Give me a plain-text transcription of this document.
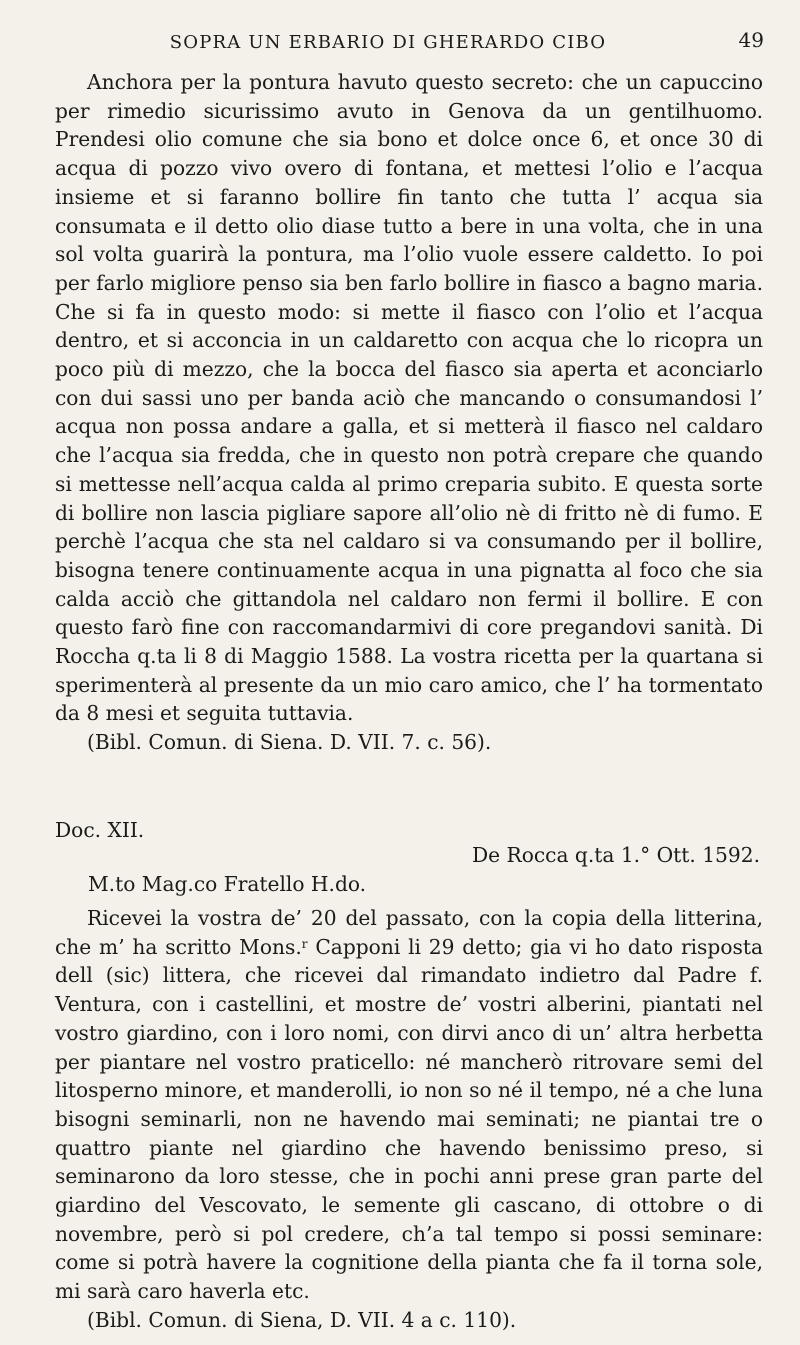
SOPRA UN ERBARIO DI GHERARDO CIBO	49

Anchora per la pontura havuto questo secreto: che un capuccino per rimedio sicurissimo avuto in Genova da un gentilhuomo. Prendesi olio comune che sia bono et dolce once 6, et once 30 di acqua di pozzo vivo overo di fontana, et mettesi l’olio e l’acqua insieme et si faranno bollire fin tanto che tutta l’ acqua sia consumata e il detto olio diase tutto a bere in una volta, che in una sol volta guarirà la pontura, ma l’olio vuole essere caldetto. Io poi per farlo migliore penso sia ben farlo bollire in fiasco a bagno maria. Che si fa in questo modo: si mette il fiasco con l’olio et l’acqua dentro, et si acconcia in un caldaretto con acqua che lo ricopra un poco più di mezzo, che la bocca del fiasco sia aperta et aconciarlo con dui sassi uno per banda aciò che mancando o consumandosi l’ acqua non possa andare a galla, et si metterà il fiasco nel caldaro che l’acqua sia fredda, che in questo non potrà crepare che quando si mettesse nell’acqua calda al primo creparia subito. E questa sorte di bollire non lascia pigliare sapore all’olio nè di fritto nè di fumo. E perchè l’acqua che sta nel caldaro si va consumando per il bollire, bisogna tenere continuamente acqua in una pignatta al foco che sia calda acciò che gittandola nel caldaro non fermi il bollire. E con questo farò fine con raccomandarmivi di core pregandovi sanità. Di Roccha q.ta li 8 di Maggio 1588. La vostra ricetta per la quartana si sperimenterà al presente da un mio caro amico, che l’ ha tormentato da 8 mesi et seguita tuttavia.

(Bibl. Comun. di Siena. D. VII. 7. c. 56).

Doc. XII.
De Rocca q.ta 1.° Ott. 1592.
M.to Mag.co Fratello H.do.

Ricevei la vostra de’ 20 del passato, con la copia della litterina, che m’ ha scritto Mons.$^r$ Capponi li 29 detto; gia vi ho dato risposta dell (sic) littera, che ricevei dal rimandato indietro dal Padre f. Ventura, con i castellini, et mostre de’ vostri alberini, piantati nel vostro giardino, con i loro nomi, con dirvi anco di un’ altra herbetta per piantare nel vostro praticello: né mancherò ritrovare semi del litosperno minore, et manderolli, io non so né il tempo, né a che luna bisogni seminarli, non ne havendo mai seminati; ne piantai tre o quattro piante nel giardino che havendo benissimo preso, si seminarono da loro stesse, che in pochi anni prese gran parte del giardino del Vescovato, le semente gli cascano, di ottobre o di novembre, però si pol credere, ch’a tal tempo si possi seminare: come si potrà havere la cognitione della pianta che fa il torna sole, mi sarà caro haverla etc.

(Bibl. Comun. di Siena, D. VII. 4 a c. 110).
